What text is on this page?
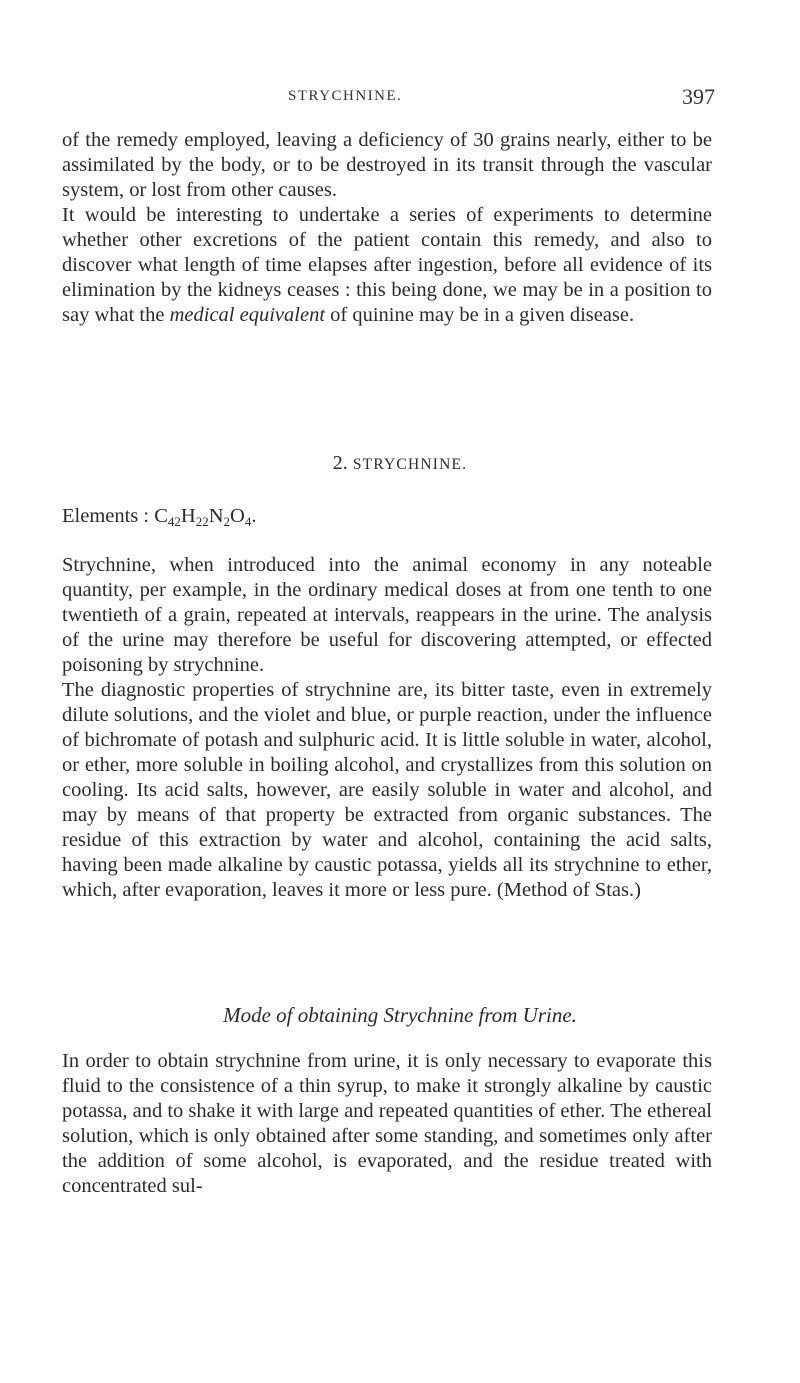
STRYCHNINE.	397

of the remedy employed, leaving a deficiency of 30 grains nearly, either to be assimilated by the body, or to be destroyed in its transit through the vascular system, or lost from other causes.

It would be interesting to undertake a series of experiments to determine whether other excretions of the patient contain this remedy, and also to discover what length of time elapses after ingestion, before all evidence of its elimination by the kidneys ceases : this being done, we may be in a position to say what the medical equivalent of quinine may be in a given disease.

2. STRYCHNINE.
Elements : $C_{42}H_{22}N_2O_4$.

Strychnine, when introduced into the animal economy in any noteable quantity, per example, in the ordinary medical doses at from one tenth to one twentieth of a grain, repeated at intervals, reappears in the urine. The analysis of the urine may therefore be useful for discovering attempted, or effected poisoning by strychnine.

The diagnostic properties of strychnine are, its bitter taste, even in extremely dilute solutions, and the violet and blue, or purple reaction, under the influence of bichromate of potash and sulphuric acid. It is little soluble in water, alcohol, or ether, more soluble in boiling alcohol, and crystallizes from this solution on cooling. Its acid salts, however, are easily soluble in water and alcohol, and may by means of that property be extracted from organic substances. The residue of this extraction by water and alcohol, containing the acid salts, having been made alkaline by caustic potassa, yields all its strychnine to ether, which, after evaporation, leaves it more or less pure. (Method of Stas.)

Mode of obtaining Strychnine from Urine.

In order to obtain strychnine from urine, it is only necessary to evaporate this fluid to the consistence of a thin syrup, to make it strongly alkaline by caustic potassa, and to shake it with large and repeated quantities of ether. The ethereal solution, which is only obtained after some standing, and sometimes only after the addition of some alcohol, is evaporated, and the residue treated with concentrated sul-
